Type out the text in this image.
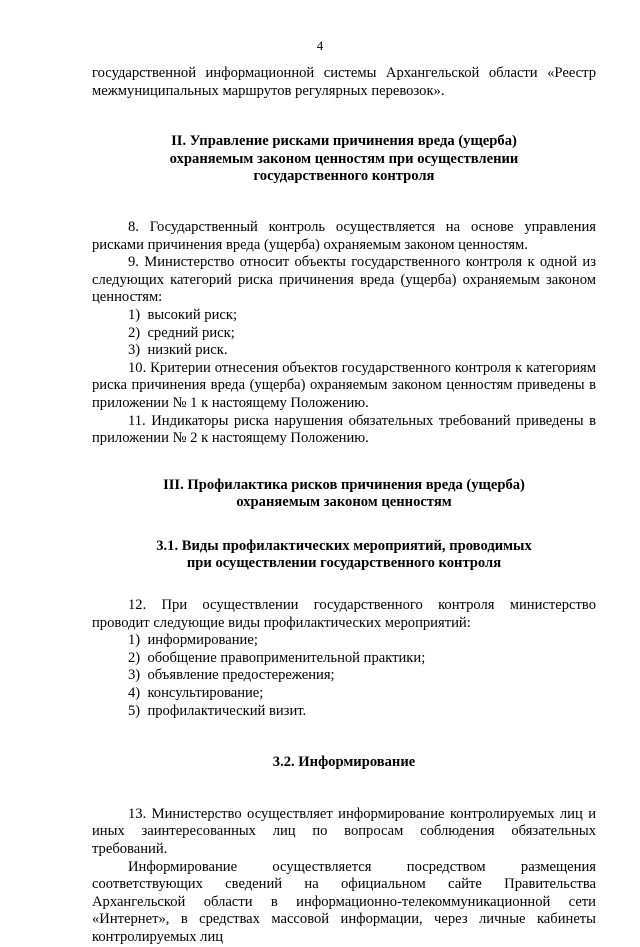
4

государственной информационной системы Архангельской области «Реестр межмуниципальных маршрутов регулярных перевозок».

II. Управление рисками причинения вреда (ущерба)
охраняемым законом ценностям при осуществлении
государственного контроля

8. Государственный контроль осуществляется на основе управления рисками причинения вреда (ущерба) охраняемым законом ценностям.

9. Министерство относит объекты государственного контроля к одной из следующих категорий риска причинения вреда (ущерба) охраняемым законом ценностям:

1)  высокий риск;

2)  средний риск;

3)  низкий риск.

10. Критерии отнесения объектов государственного контроля к категориям риска причинения вреда (ущерба) охраняемым законом ценностям приведены в приложении № 1 к настоящему Положению.

11. Индикаторы риска нарушения обязательных требований приведены в приложении № 2 к настоящему Положению.

III. Профилактика рисков причинения вреда (ущерба)
охраняемым законом ценностям
3.1. Виды профилактических мероприятий, проводимых
при осуществлении государственного контроля

12. При осуществлении государственного контроля министерство проводит следующие виды профилактических мероприятий:

1)  информирование;

2)  обобщение правоприменительной практики;

3)  объявление предостережения;

4)  консультирование;

5)  профилактический визит.

3.2. Информирование

13. Министерство осуществляет информирование контролируемых лиц и иных заинтересованных лиц по вопросам соблюдения обязательных требований.

Информирование осуществляется посредством размещения соответствующих сведений на официальном сайте Правительства Архангельской области в информационно-телекоммуникационной сети «Интернет», в средствах массовой информации, через личные кабинеты контролируемых лиц
